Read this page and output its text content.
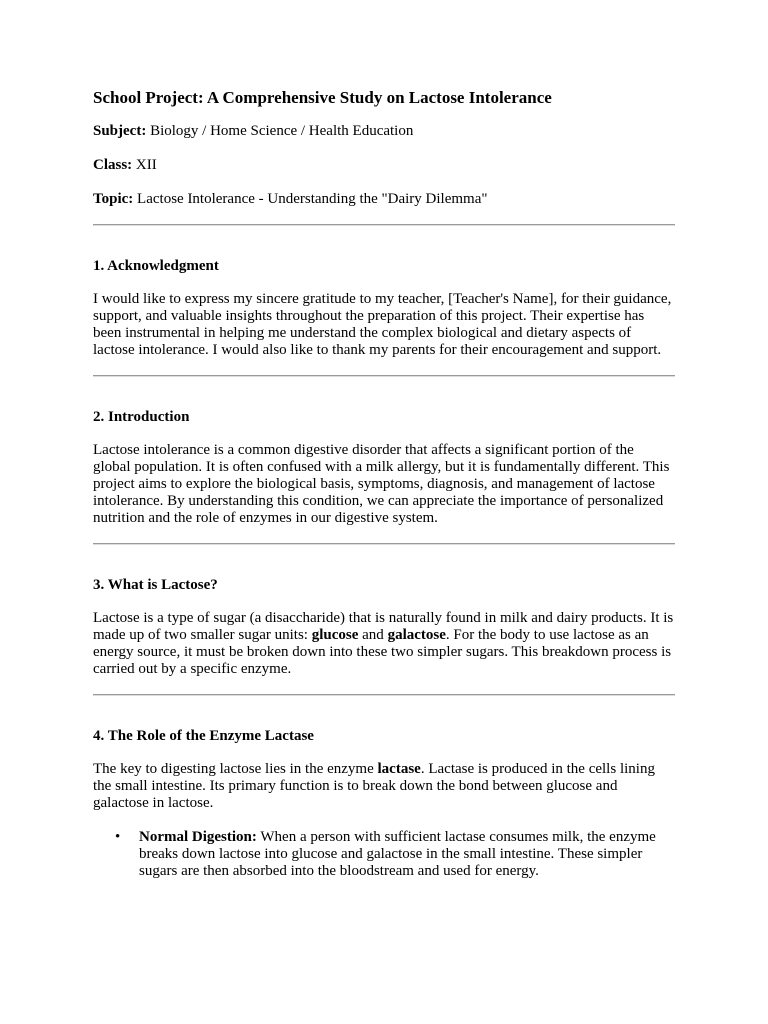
School Project: A Comprehensive Study on Lactose Intolerance

Subject: Biology / Home Science / Health Education

Class: XII

Topic: Lactose Intolerance - Understanding the "Dairy Dilemma"

1. Acknowledgment

I would like to express my sincere gratitude to my teacher, [Teacher's Name], for their guidance, support, and valuable insights throughout the preparation of this project. Their expertise has been instrumental in helping me understand the complex biological and dietary aspects of lactose intolerance. I would also like to thank my parents for their encouragement and support.

2. Introduction

Lactose intolerance is a common digestive disorder that affects a significant portion of the global population. It is often confused with a milk allergy, but it is fundamentally different. This project aims to explore the biological basis, symptoms, diagnosis, and management of lactose intolerance. By understanding this condition, we can appreciate the importance of personalized nutrition and the role of enzymes in our digestive system.

3. What is Lactose?

Lactose is a type of sugar (a disaccharide) that is naturally found in milk and dairy products. It is made up of two smaller sugar units: glucose and galactose. For the body to use lactose as an energy source, it must be broken down into these two simpler sugars. This breakdown process is carried out by a specific enzyme.

4. The Role of the Enzyme Lactase

The key to digesting lactose lies in the enzyme lactase. Lactase is produced in the cells lining the small intestine. Its primary function is to break down the bond between glucose and galactose in lactose.

• Normal Digestion: When a person with sufficient lactase consumes milk, the enzyme breaks down lactose into glucose and galactose in the small intestine. These simpler sugars are then absorbed into the bloodstream and used for energy.
